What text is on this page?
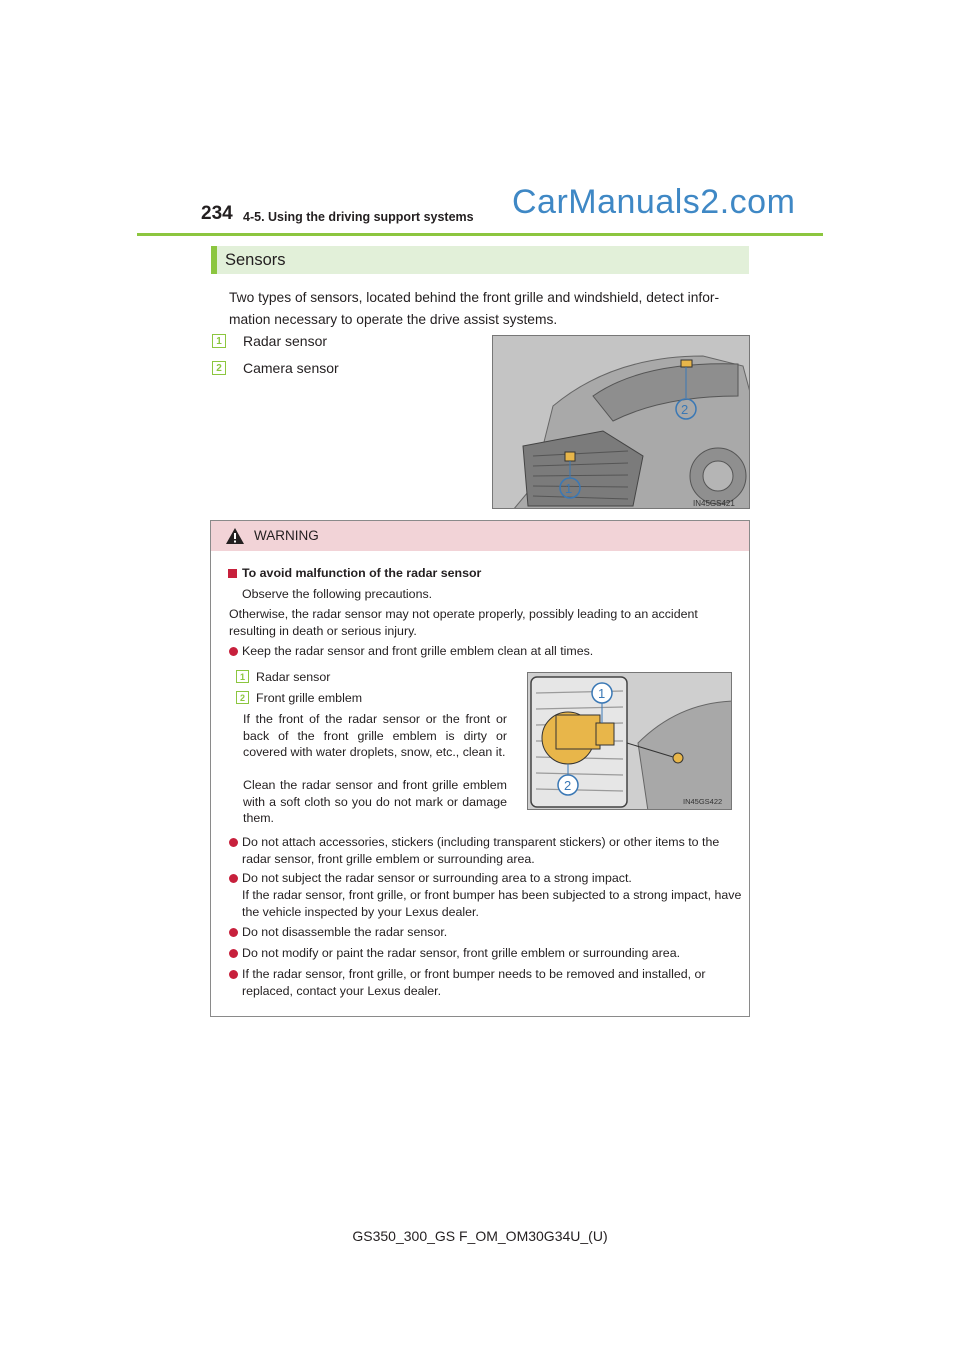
234 4-5. Using the driving support systems CarManuals2.com
Sensors
Two types of sensors, located behind the front grille and windshield, detect infor-mation necessary to operate the drive assist systems.
1	Radar sensor
2	Camera sensor
2
1
IN45GS421
WARNING
To avoid malfunction of the radar sensor
Observe the following precautions.
Otherwise, the radar sensor may not operate properly, possibly leading to an accident resulting in death or serious injury.
Keep the radar sensor and front grille emblem clean at all times.
1 Radar sensor
2 Front grille emblem
If the front of the radar sensor or the front or back of the front grille emblem is dirty or covered with water droplets, snow, etc., clean it.
Clean the radar sensor and front grille emblem with a soft cloth so you do not mark or damage them.
1
2
IN45GS422
Do not attach accessories, stickers (including transparent stickers) or other items to the radar sensor, front grille emblem or surrounding area.
Do not subject the radar sensor or surrounding area to a strong impact.
If the radar sensor, front grille, or front bumper has been subjected to a strong impact, have the vehicle inspected by your Lexus dealer.
Do not disassemble the radar sensor.
Do not modify or paint the radar sensor, front grille emblem or surrounding area.
If the radar sensor, front grille, or front bumper needs to be removed and installed, or replaced, contact your Lexus dealer.
GS350_300_GS F_OM_OM30G34U_(U)
